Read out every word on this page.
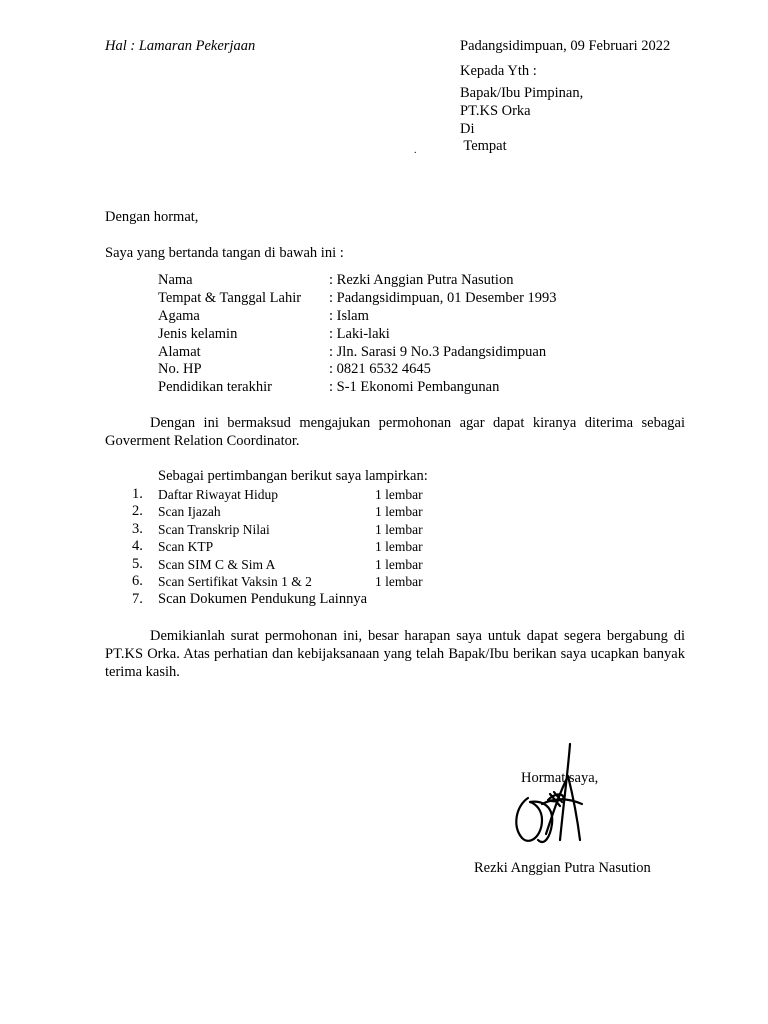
Hal : Lamaran Pekerjaan	Padangsidimpuan, 09 Februari 2022
Kepada Yth :
Bapak/Ibu Pimpinan,
PT.KS Orka
Di
Tempat
.
Dengan hormat,
Saya yang bertanda tangan di bawah ini :
Nama	: Rezki Anggian Putra Nasution
Tempat & Tanggal Lahir : Padangsidimpuan, 01 Desember 1993
Agama	: Islam
Jenis kelamin	: Laki-laki
Alamat	: Jln. Sarasi 9 No.3 Padangsidimpuan
No. HP	: 0821 6532 4645
Pendidikan terakhir	: S-1 Ekonomi Pembangunan
Dengan ini bermaksud mengajukan permohonan agar dapat kiranya diterima sebagai Goverment Relation Coordinator.
Sebagai pertimbangan berikut saya lampirkan:
1. Daftar Riwayat Hidup	1 lembar
2. Scan Ijazah	1 lembar
3. Scan Transkrip Nilai	1 lembar
4. Scan KTP	1 lembar
5. Scan SIM C & Sim A	1 lembar
6. Scan Sertifikat Vaksin 1 & 2	1 lembar
7. Scan Dokumen Pendukung Lainnya
Demikianlah surat permohonan ini, besar harapan saya untuk dapat segera bergabung di PT.KS Orka. Atas perhatian dan kebijaksanaan yang telah Bapak/Ibu berikan saya ucapkan banyak terima kasih.
Hormat saya,
Rezki Anggian Putra Nasution
